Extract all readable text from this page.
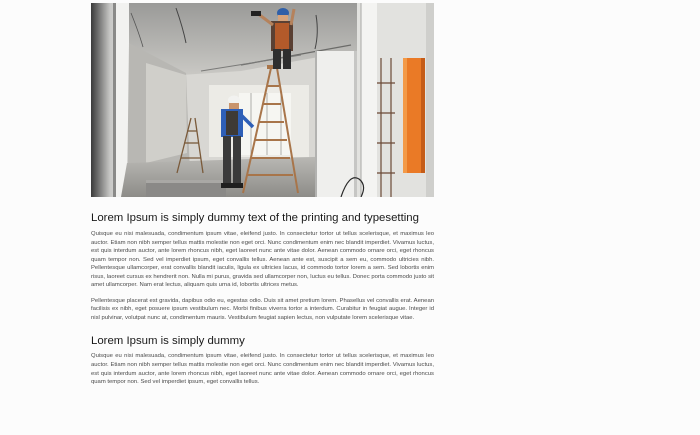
Lorem Ipsum is simply dummy text of the printing and typesetting

Quisque eu nisi malesuada, condimentum ipsum vitae, eleifend justo. In consectetur tortor ut tellus scelerisque, et maximus leo auctor. Etiam non nibh semper tellus mattis molestie non eget orci. Nunc condimentum enim nec blandit imperdiet. Vivamus luctus, est quis interdum auctor, ante lorem rhoncus nibh, eget laoreet nunc ante vitae dolor. Aenean commodo ornare orci, eget rhoncus quam tempor non. Sed vel imperdiet ipsum, eget convallis tellus. Aenean ante est, suscipit a sem eu, commodo ultricies nibh. Pellentesque ullamcorper, erat convallis blandit iaculis, ligula ex ultricies lacus, id commodo tortor lorem a sem. Sed lobortis enim risus, laoreet cursus ex hendrerit non. Nulla mi purus, gravida sed ullamcorper non, luctus eu tellus. Donec porta commodo justo sit amet ullamcorper. Nam erat lectus, aliquam quis urna id, lobortis ultrices metus.

Pellentesque placerat est gravida, dapibus odio eu, egestas odio. Duis sit amet pretium lorem. Phasellus vel convallis erat. Aenean facilisis ex nibh, eget posuere ipsum vestibulum nec. Morbi finibus viverra tortor a interdum. Curabitur in feugiat augue. Integer id nisl pulvinar, volutpat nunc at, condimentum mauris. Vestibulum feugiat sapien lectus, non vulputate lorem scelerisque vitae.

Lorem Ipsum is simply dummy

Quisque eu nisi malesuada, condimentum ipsum vitae, eleifend justo. In consectetur tortor ut tellus scelerisque, et maximus leo auctor. Etiam non nibh semper tellus mattis molestie non eget orci. Nunc condimentum enim nec blandit imperdiet. Vivamus luctus, est quis interdum auctor, ante lorem rhoncus nibh, eget laoreet nunc ante vitae dolor. Aenean commodo ornare orci, eget rhoncus quam tempor non. Sed vel imperdiet ipsum, eget convallis tellus.
